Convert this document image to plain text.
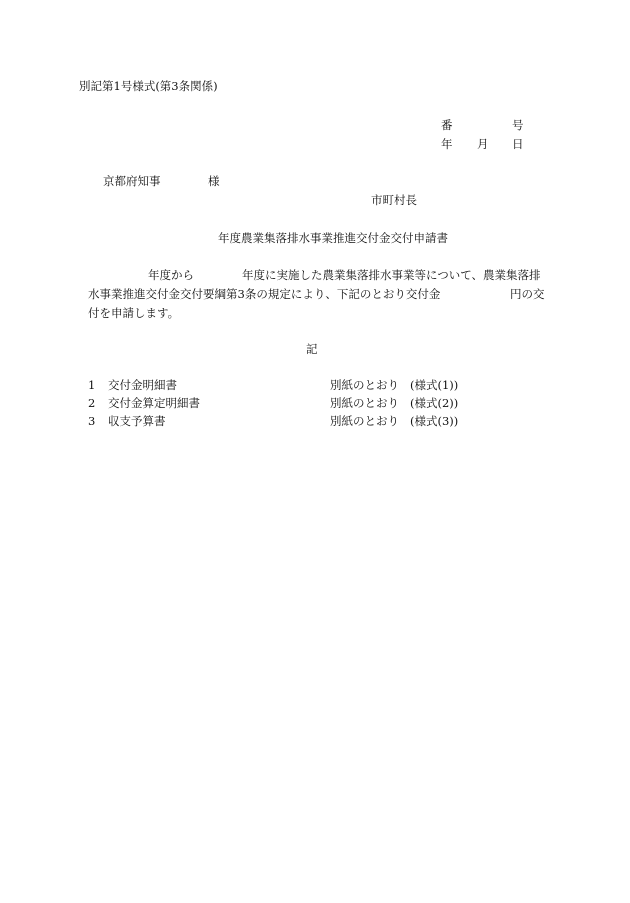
別記第1号様式(第3条関係)
番	号
年 月 日
京都府知事	様
市町村長
年度農業集落排水事業推進交付金交付申請書
年度から	年度に実施した農業集落排水事業等について、農業集落排
水事業推進交付金交付要綱第3条の規定により、下記のとおり交付金	円の交
付を申請します。
記
1 交付金明細書	別紙のとおり (様式(1))
2 交付金算定明細書	別紙のとおり (様式(2))
3 収支予算書	別紙のとおり (様式(3))
